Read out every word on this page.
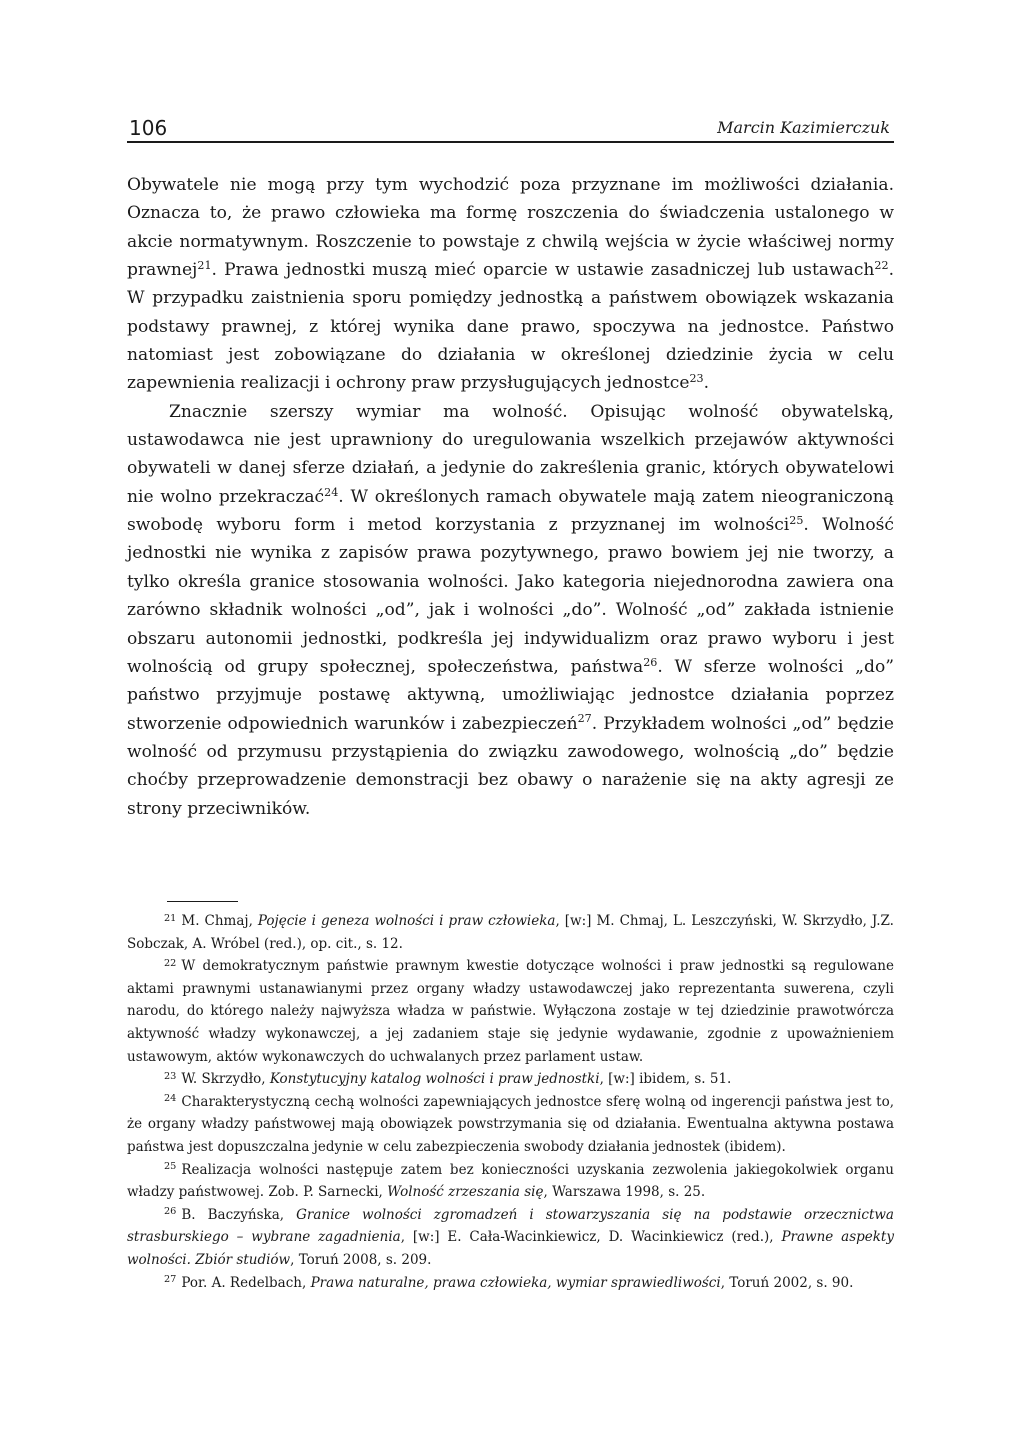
106	Marcin Kazimierczuk

Obywatele nie mogą przy tym wychodzić poza przyznane im możliwości działania. Oznacza to, że prawo człowieka ma formę roszczenia do świadczenia ustalonego w akcie normatywnym. Roszczenie to powstaje z chwilą wejścia w życie właściwej normy prawnej$^{21}$. Prawa jednostki muszą mieć oparcie w ustawie zasadniczej lub ustawach$^{22}$. W przypadku zaistnienia sporu pomiędzy jednostką a państwem obowiązek wskazania podstawy prawnej, z której wynika dane prawo, spoczywa na jednostce. Państwo natomiast jest zobowiązane do działania w określonej dziedzinie życia w celu zapewnienia realizacji i ochrony praw przysługujących jednostce$^{23}$.

Znacznie szerszy wymiar ma wolność. Opisując wolność obywatelską, ustawodawca nie jest uprawniony do uregulowania wszelkich przejawów aktywności obywateli w danej sferze działań, a jedynie do zakreślenia granic, których obywatelowi nie wolno przekraczać$^{24}$. W określonych ramach obywatele mają zatem nieograniczoną swobodę wyboru form i metod korzystania z przyznanej im wolności$^{25}$. Wolność jednostki nie wynika z zapisów prawa pozytywnego, prawo bowiem jej nie tworzy, a tylko określa granice stosowania wolności. Jako kategoria niejednorodna zawiera ona zarówno składnik wolności „od”, jak i wolności „do”. Wolność „od” zakłada istnienie obszaru autonomii jednostki, podkreśla jej indywidualizm oraz prawo wyboru i jest wolnością od grupy społecznej, społeczeństwa, państwa$^{26}$. W sferze wolności „do” państwo przyjmuje postawę aktywną, umożliwiając jednostce działania poprzez stworzenie odpowiednich warunków i zabezpieczeń$^{27}$. Przykładem wolności „od” będzie wolność od przymusu przystąpienia do związku zawodowego, wolnością „do” będzie choćby przeprowadzenie demonstracji bez obawy o narażenie się na akty agresji ze strony przeciwników.

$^{21}$ M. Chmaj, Pojęcie i geneza wolności i praw człowieka, [w:] M. Chmaj, L. Leszczyński, W. Skrzydło, J.Z. Sobczak, A. Wróbel (red.), op. cit., s. 12.

$^{22}$ W demokratycznym państwie prawnym kwestie dotyczące wolności i praw jednostki są regulowane aktami prawnymi ustanawianymi przez organy władzy ustawodawczej jako reprezentanta suwerena, czyli narodu, do którego należy najwyższa władza w państwie. Wyłączona zostaje w tej dziedzinie prawotwórcza aktywność władzy wykonawczej, a jej zadaniem staje się jedynie wydawanie, zgodnie z upoważnieniem ustawowym, aktów wykonawczych do uchwalanych przez parlament ustaw.

$^{23}$ W. Skrzydło, Konstytucyjny katalog wolności i praw jednostki, [w:] ibidem, s. 51.

$^{24}$ Charakterystyczną cechą wolności zapewniających jednostce sferę wolną od ingerencji państwa jest to, że organy władzy państwowej mają obowiązek powstrzymania się od działania. Ewentualna aktywna postawa państwa jest dopuszczalna jedynie w celu zabezpieczenia swobody działania jednostek (ibidem).

$^{25}$ Realizacja wolności następuje zatem bez konieczności uzyskania zezwolenia jakiegokolwiek organu władzy państwowej. Zob. P. Sarnecki, Wolność zrzeszania się, Warszawa 1998, s. 25.

$^{26}$ B. Baczyńska, Granice wolności zgromadzeń i stowarzyszania się na podstawie orzecznictwa strasburskiego – wybrane zagadnienia, [w:] E. Cała-Wacinkiewicz, D. Wacinkiewicz (red.), Prawne aspekty wolności. Zbiór studiów, Toruń 2008, s. 209.

$^{27}$ Por. A. Redelbach, Prawa naturalne, prawa człowieka, wymiar sprawiedliwości, Toruń 2002, s. 90.
